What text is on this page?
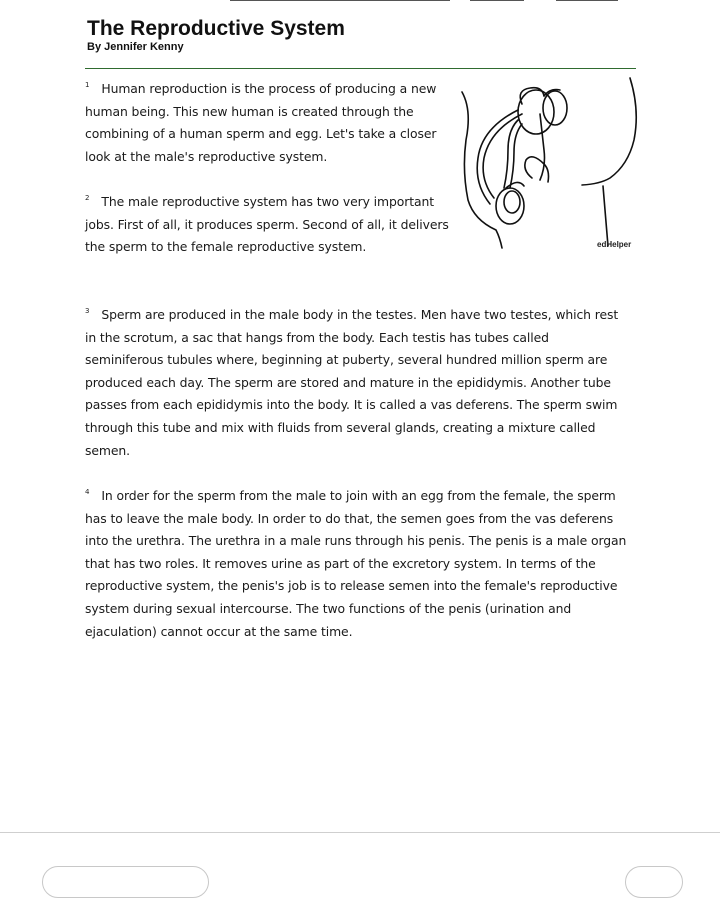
The Reproductive System
By Jennifer Kenny

$^1$ Human reproduction is the process of producing a new human being. This new human is created through the combining of a human sperm and egg. Let's take a closer look at the male's reproductive system.

$^2$ The male reproductive system has two very important jobs. First of all, it produces sperm. Second of all, it delivers the sperm to the female reproductive system.	edHelper

$^3$ Sperm are produced in the male body in the testes. Men have two testes, which rest in the scrotum, a sac that hangs from the body. Each testis has tubes called seminiferous tubules where, beginning at puberty, several hundred million sperm are produced each day. The sperm are stored and mature in the epididymis. Another tube passes from each epididymis into the body. It is called a vas deferens. The sperm swim through this tube and mix with fluids from several glands, creating a mixture called semen.

$^4$ In order for the sperm from the male to join with an egg from the female, the sperm has to leave the male body. In order to do that, the semen goes from the vas deferens into the urethra. The urethra in a male runs through his penis. The penis is a male organ that has two roles. It removes urine as part of the excretory system. In terms of the reproductive system, the penis's job is to release semen into the female's reproductive system during sexual intercourse. The two functions of the penis (urination and ejaculation) cannot occur at the same time.
